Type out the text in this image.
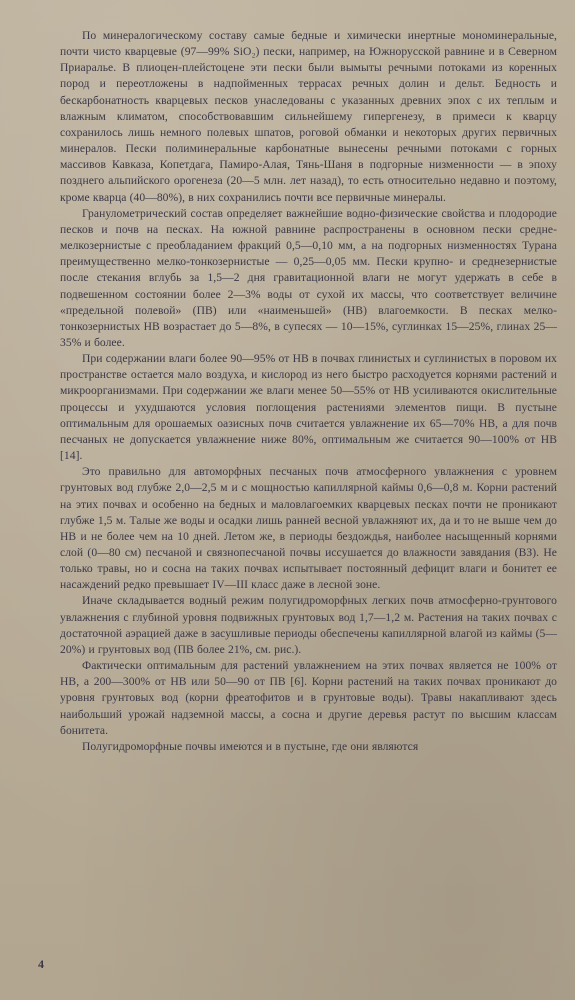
По минералогическому составу самые бедные и химически инертные мономинеральные, почти чисто кварцевые (97—99% SiO₂) пески, например, на Южнорусской равнине и в Северном Приаралье. В плиоцен-плейстоцене эти пески были вымыты речными потоками из коренных пород и переотложены в надпойменных террасах речных долин и дельт. Бедность и бескарбонатность кварцевых песков унаследованы с указанных древних эпох с их теплым и влажным климатом, способствовавшим сильнейшему гипергенезу, в примеси к кварцу сохранилось лишь немного полевых шпатов, роговой обманки и некоторых других первичных минералов. Пески полиминеральные карбонатные вынесены речными потоками с горных массивов Кавказа, Копетдага, Памиро-Алая, Тянь-Шаня в подгорные низменности — в эпоху позднего альпийского орогенеза (20—5 млн. лет назад), то есть относительно недавно и поэтому, кроме кварца (40—80%), в них сохранились почти все первичные минералы.

Гранулометрический состав определяет важнейшие водно-физические свойства и плодородие песков и почв на песках. На южной равнине распространены в основном пески средне-мелкозернистые с преобладанием фракций 0,5—0,10 мм, а на подгорных низменностях Турана преимущественно мелко-тонкозернистые — 0,25—0,05 мм. Пески крупно- и среднезернистые после стекания вглубь за 1,5—2 дня гравитационной влаги не могут удержать в себе в подвешенном состоянии более 2—3% воды от сухой их массы, что соответствует величине «предельной полевой» (ПВ) или «наименьшей» (НВ) влагоемкости. В песках мелко-тонкозернистых НВ возрастает до 5—8%, в супесях — 10—15%, суглинках 15—25%, глинах 25—35% и более.

При содержании влаги более 90—95% от НВ в почвах глинистых и суглинистых в поровом их пространстве остается мало воздуха, и кислород из него быстро расходуется корнями растений и микроорганизмами. При содержании же влаги менее 50—55% от НВ усиливаются окислительные процессы и ухудшаются условия поглощения растениями элементов пищи. В пустыне оптимальным для орошаемых оазисных почв считается увлажнение их 65—70% НВ, а для почв песчаных не допускается увлажнение ниже 80%, оптимальным же считается 90—100% от НВ [14].

Это правильно для автоморфных песчаных почв атмосферного увлажнения с уровнем грунтовых вод глубже 2,0—2,5 м и с мощностью капиллярной каймы 0,6—0,8 м. Корни растений на этих почвах и особенно на бедных и маловлагоемких кварцевых песках почти не проникают глубже 1,5 м. Талые же воды и осадки лишь ранней весной увлажняют их, да и то не выше чем до НВ и не более чем на 10 дней. Летом же, в периоды бездождья, наиболее насыщенный корнями слой (0—80 см) песчаной и связнопесчаной почвы иссушается до влажности завядания (ВЗ). Не только травы, но и сосна на таких почвах испытывает постоянный дефицит влаги и бонитет ее насаждений редко превышает IV—III класс даже в лесной зоне.

Иначе складывается водный режим полугидроморфных легких почв атмосферно-грунтового увлажнения с глубиной уровня подвижных грунтовых вод 1,7—1,2 м. Растения на таких почвах с достаточной аэрацией даже в засушливые периоды обеспечены капиллярной влагой из каймы (5—20%) и грунтовых вод (ПВ более 21%, см. рис.).

Фактически оптимальным для растений увлажнением на этих почвах является не 100% от НВ, а 200—300% от НВ или 50—90 от ПВ [6]. Корни растений на таких почвах проникают до уровня грунтовых вод (корни фреатофитов и в грунтовые воды). Травы накапливают здесь наибольший урожай надземной массы, а сосна и другие деревья растут по высшим классам бонитета.

Полугидроморфные почвы имеются и в пустыне, где они являются

4
